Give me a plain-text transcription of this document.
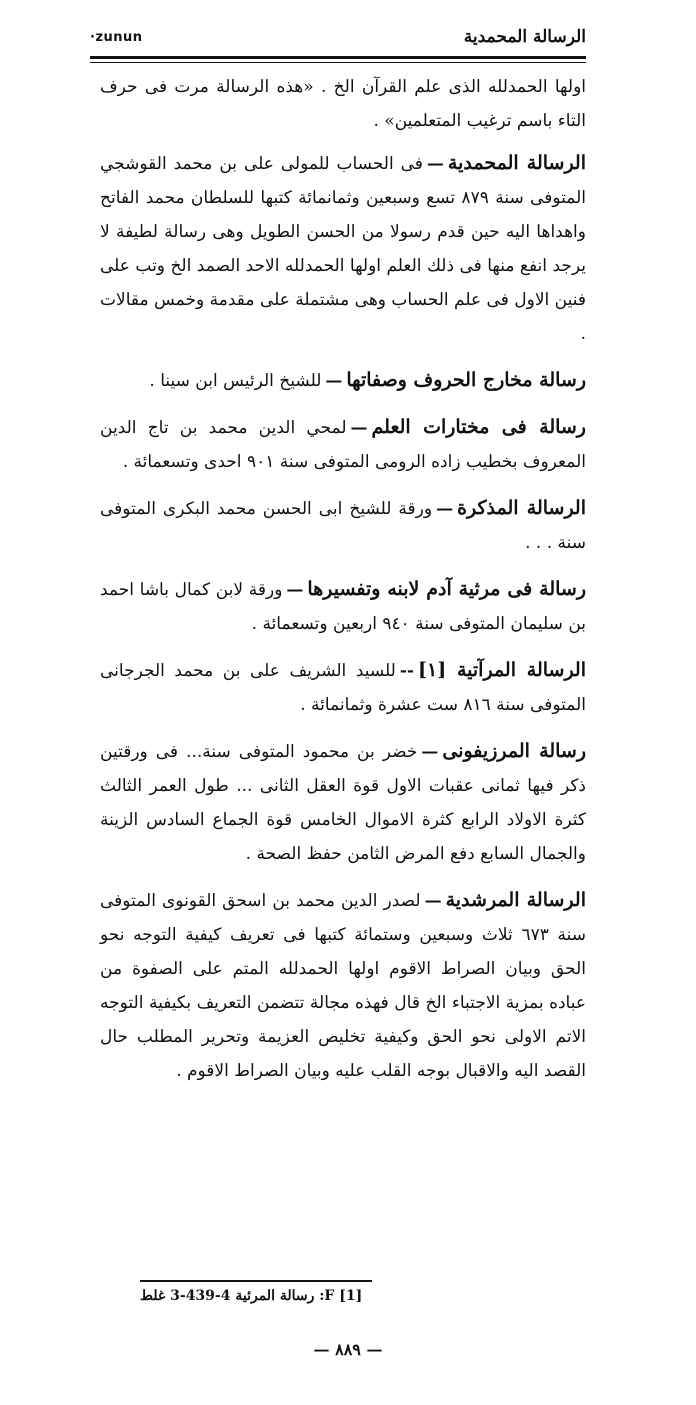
·zunun	الرسالة المحمدية

اولها الحمدلله الذى علم القرآن الخ . «هذه الرسالة مرت فى حرف التاء باسم ترغيب المتعلمين» .

الرسالة المحمدية—فى الحساب للمولى على بن محمد القوشجي المتوفى سنة ٨٧٩ تسع وسبعين وثمانمائة كتبها للسلطان محمد الفاتح واهداها اليه حين قدم رسولا من الحسن الطويل وهى رسالة لطيفة لا يرجد انفع منها فى ذلك العلم اولها الحمدلله الاحد الصمد الخ وتب على فنين الاول فى علم الحساب وهى مشتملة على مقدمة وخمس مقالات .

رسالة مخارج الحروف وصفاتها—للشيخ الرئيس ابن سينا .

رسالة فى مختارات العلم—لمحي الدين محمد بن تاج الدين المعروف بخطيب زاده الرومى المتوفى سنة ٩٠١ احدى وتسعمائة .

الرسالة المذكرة—ورقة للشيخ ابى الحسن محمد البكرى المتوفى سنة . . .

رسالة فى مرثية آدم لابنه وتفسيرها—ورقة لابن كمال باشا احمد بن سليمان المتوفى سنة ٩٤٠ اربعين وتسعمائة .

الرسالة المرآتية [١]--للسيد الشريف على بن محمد الجرجانى المتوفى سنة ٨١٦ ست عشرة وثمانمائة .

رسالة المرزيفونى—خضر بن محمود المتوفى سنة... فى ورقتين ذكر فيها ثمانى عقبات الاول قوة العقل الثانى ... طول العمر الثالث كثرة الاولاد الرابع كثرة الاموال الخامس قوة الجماع السادس الزينة والجمال السابع دفع المرض الثامن حفظ الصحة .

الرسالة المرشدية—لصدر الدين محمد بن اسحق القونوى المتوفى سنة ٦٧٣ ثلاث وسبعين وستمائة كتبها فى تعريف كيفية التوجه نحو الحق وبيان الصراط الاقوم اولها الحمدلله المتم على الصفوة من عباده بمزية الاجتباء الخ قال فهذه مجالة تتضمن التعريف بكيفية التوجه الاتم الاولى نحو الحق وكيفية تخليص العزيمة وتحرير المطلب حال القصد اليه والاقبال بوجه القلب عليه وبيان الصراط الاقوم .

[1] F: رسالة المرئية 4-439-3 غلط
— ٨٨٩ —
